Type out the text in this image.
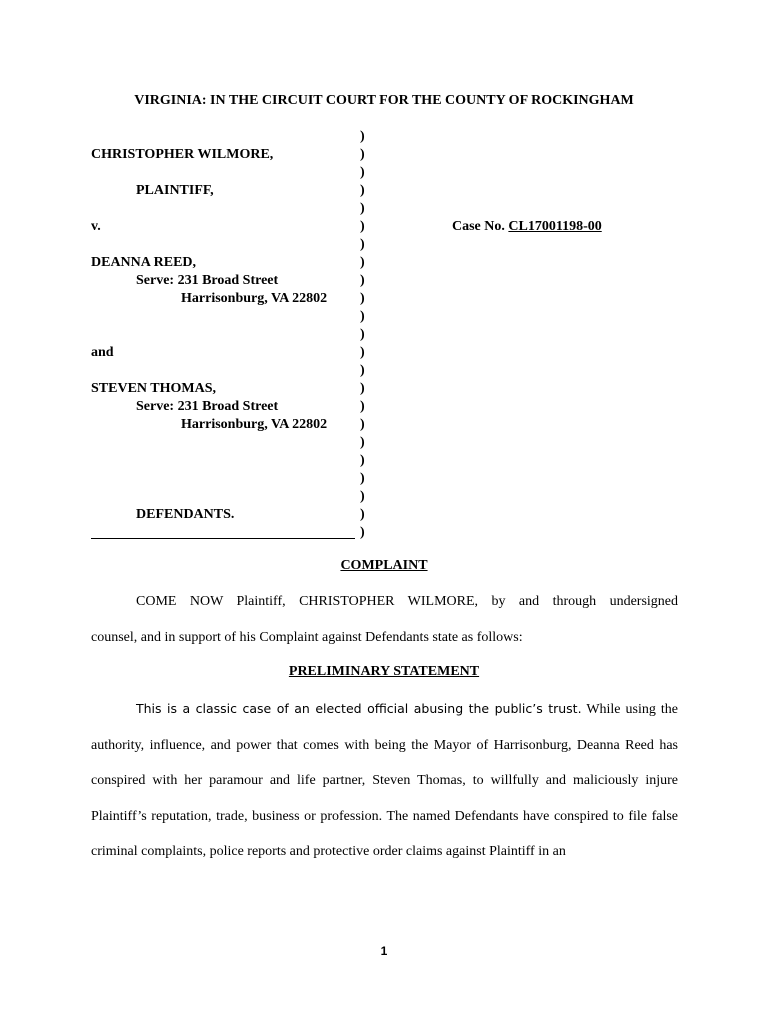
VIRGINIA: IN THE CIRCUIT COURT FOR THE COUNTY OF ROCKINGHAM
CHRISTOPHER WILMORE,
PLAINTIFF,
v.
DEANNA REED,
Serve: 231 Broad Street
Harrisonburg, VA 22802
and
STEVEN THOMAS,
Serve: 231 Broad Street
Harrisonburg, VA 22802
DEFENDANTS.
)
)
)
)
)
)
)
)
)
)
)
)
)
)
)
)
)
)
)
)
)
)
)
Case No. CL17001198-00
COMPLAINT

COME NOW Plaintiff, CHRISTOPHER WILMORE, by and through undersigned

counsel, and in support of his Complaint against Defendants state as follows:

PRELIMINARY STATEMENT

This is a classic case of an elected official abusing the public’s trust. While using the authority, influence, and power that comes with being the Mayor of Harrisonburg, Deanna Reed has conspired with her paramour and life partner, Steven Thomas, to willfully and maliciously injure Plaintiff’s reputation, trade, business or profession. The named Defendants have conspired to file false criminal complaints, police reports and protective order claims against Plaintiff in an

1
